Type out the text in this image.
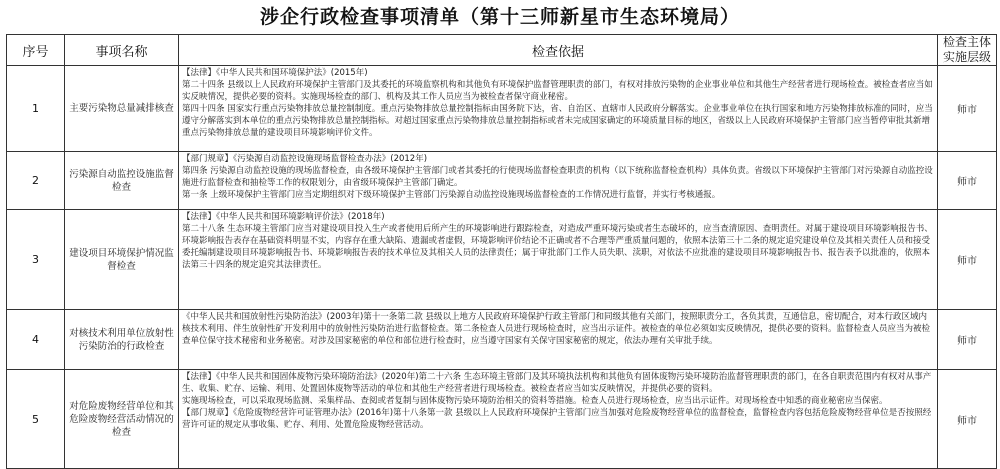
涉企行政检查事项清单（第十三师新星市生态环境局）
序号	事项名称	检查依据	检查主体实施层级
1	主要污染物总量减排核查	【法律】《中华人民共和国环境保护法》(2015年)
第二十四条 县级以上人民政府环境保护主管部门及其委托的环境监察机构和其他负有环境保护监督管理职责的部门，有权对排放污染物的企业事业单位和其他生产经营者进行现场检查。被检查者应当如实反映情况，提供必要的资料。实施现场检查的部门、机构及其工作人员应当为被检查者保守商业秘密。
第四十四条 国家实行重点污染物排放总量控制制度。重点污染物排放总量控制指标由国务院下达，省、自治区、直辖市人民政府分解落实。企业事业单位在执行国家和地方污染物排放标准的同时，应当遵守分解落实到本单位的重点污染物排放总量控制指标。对超过国家重点污染物排放总量控制指标或者未完成国家确定的环境质量目标的地区，省级以上人民政府环境保护主管部门应当暂停审批其新增重点污染物排放总量的建设项目环境影响评价文件。	师市
2	污染源自动监控设施监督检查	【部门规章】《污染源自动监控设施现场监督检查办法》(2012年)
第四条 污染源自动监控设施的现场监督检查，由各级环境保护主管部门或者其委托的行使现场监督检查职责的机构（以下统称监督检查机构）具体负责。省级以下环境保护主管部门对污染源自动监控设施进行监督检查和抽检等工作的权限划分，由省级环境保护主管部门确定。
第一条 上级环境保护主管部门应当定期组织对下级环境保护主管部门污染源自动监控设施现场监督检查的工作情况进行监督，并实行考核通报。	师市
3	建设项目环境保护情况监督检查	【法律】《中华人民共和国环境影响评价法》(2018年)
第二十八条 生态环境主管部门应当对建设项目投入生产或者使用后所产生的环境影响进行跟踪检查，对造成严重环境污染或者生态破坏的，应当查清原因、查明责任。对属于建设项目环境影响报告书、环境影响报告表存在基础资料明显不实，内容存在重大缺陷、遗漏或者虚假，环境影响评价结论不正确或者不合理等严重质量问题的，依照本法第三十二条的规定追究建设单位及其相关责任人员和接受委托编制建设项目环境影响报告书、环境影响报告表的技术单位及其相关人员的法律责任；属于审批部门工作人员失职、渎职，对依法不应批准的建设项目环境影响报告书、报告表予以批准的，依照本法第三十四条的规定追究其法律责任。	师市
4	对核技术利用单位放射性污染防治的行政检查	《中华人民共和国放射性污染防治法》(2003年)第十一条第二款 县级以上地方人民政府环境保护行政主管部门和同级其他有关部门，按照职责分工，各负其责，互通信息，密切配合，对本行政区域内核技术利用、伴生放射性矿开发利用中的放射性污染防治进行监督检查。第二条检查人员进行现场检查时，应当出示证件。被检查的单位必须如实反映情况，提供必要的资料。监督检查人员应当为被检查单位保守技术秘密和业务秘密。对涉及国家秘密的单位和部位进行检查时，应当遵守国家有关保守国家秘密的规定，依法办理有关审批手续。	师市
5	对危险废物经营单位和其危险废物经营活动情况的检查	【法律】《中华人民共和国固体废物污染环境防治法》(2020年)第二十六条 生态环境主管部门及其环境执法机构和其他负有固体废物污染环境防治监督管理职责的部门，在各自职责范围内有权对从事产生、收集、贮存、运输、利用、处置固体废物等活动的单位和其他生产经营者进行现场检查。被检查者应当如实反映情况，并提供必要的资料。
实施现场检查，可以采取现场监测、采集样品、查阅或者复制与固体废物污染环境防治相关的资料等措施。检查人员进行现场检查，应当出示证件。对现场检查中知悉的商业秘密应当保密。
【部门规章】《危险废物经营许可证管理办法》(2016年)第十八条第一款 县级以上人民政府环境保护主管部门应当加强对危险废物经营单位的监督检查，监督检查内容包括危险废物经营单位是否按照经营许可证的规定从事收集、贮存、利用、处置危险废物经营活动。	师市
